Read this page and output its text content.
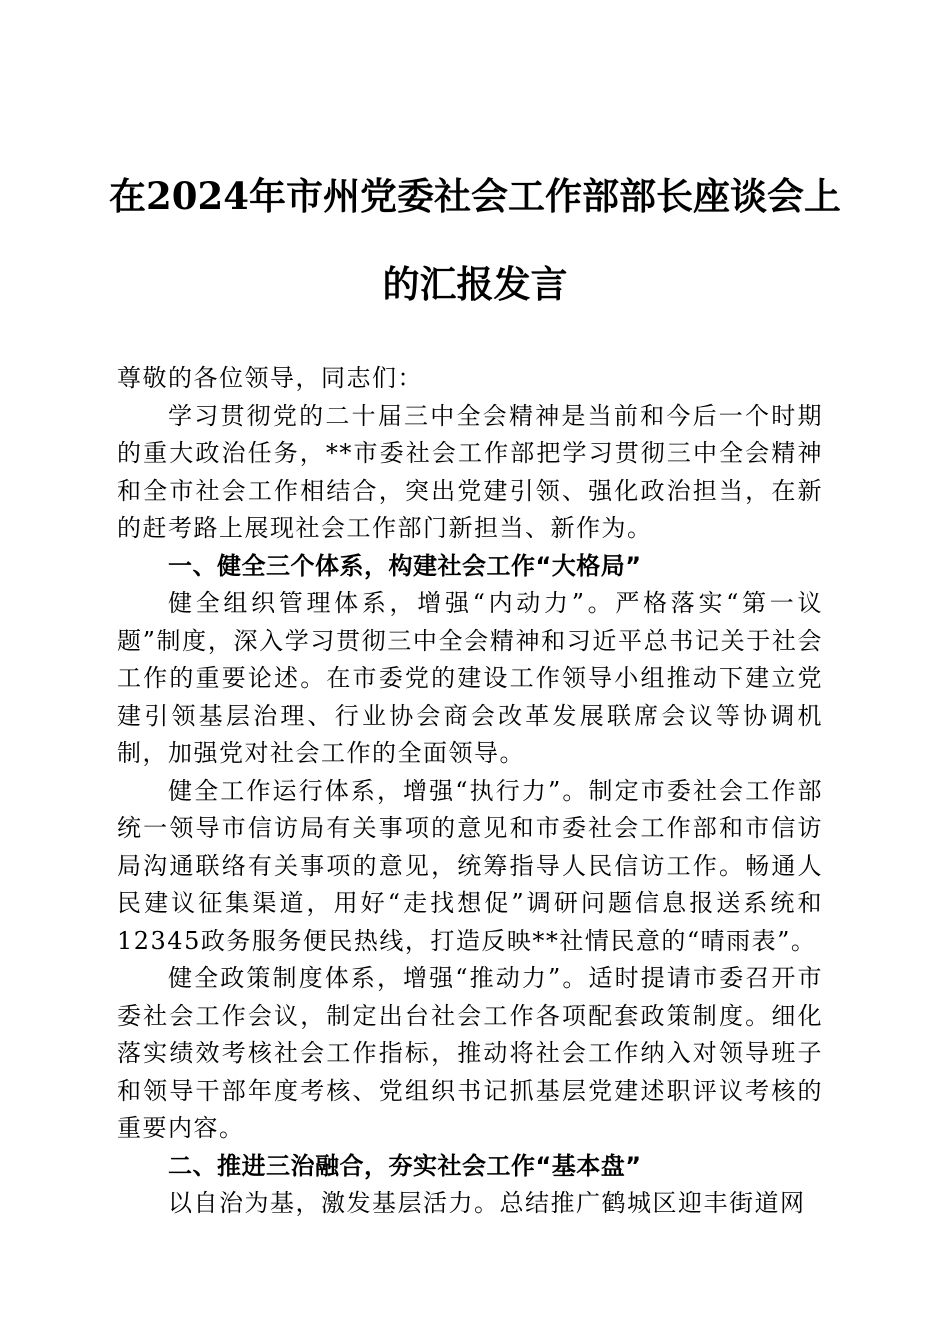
在2024年市州党委社会工作部部长座谈会上
的汇报发言

尊敬的各位领导，同志们：

学习贯彻党的二十届三中全会精神是当前和今后一个时期的重大政治任务，**市委社会工作部把学习贯彻三中全会精神和全市社会工作相结合，突出党建引领、强化政治担当，在新的赶考路上展现社会工作部门新担当、新作为。

一、健全三个体系，构建社会工作“大格局”

健全组织管理体系，增强“内动力”。严格落实“第一议题”制度，深入学习贯彻三中全会精神和习近平总书记关于社会工作的重要论述。在市委党的建设工作领导小组推动下建立党建引领基层治理、行业协会商会改革发展联席会议等协调机制，加强党对社会工作的全面领导。

健全工作运行体系，增强“执行力”。制定市委社会工作部统一领导市信访局有关事项的意见和市委社会工作部和市信访局沟通联络有关事项的意见，统筹指导人民信访工作。畅通人民建议征集渠道，用好“走找想促”调研问题信息报送系统和12345政务服务便民热线，打造反映**社情民意的“晴雨表”。

健全政策制度体系，增强“推动力”。适时提请市委召开市委社会工作会议，制定出台社会工作各项配套政策制度。细化落实绩效考核社会工作指标，推动将社会工作纳入对领导班子和领导干部年度考核、党组织书记抓基层党建述职评议考核的重要内容。

二、推进三治融合，夯实社会工作“基本盘”

以自治为基，激发基层活力。总结推广鹤城区迎丰街道网
